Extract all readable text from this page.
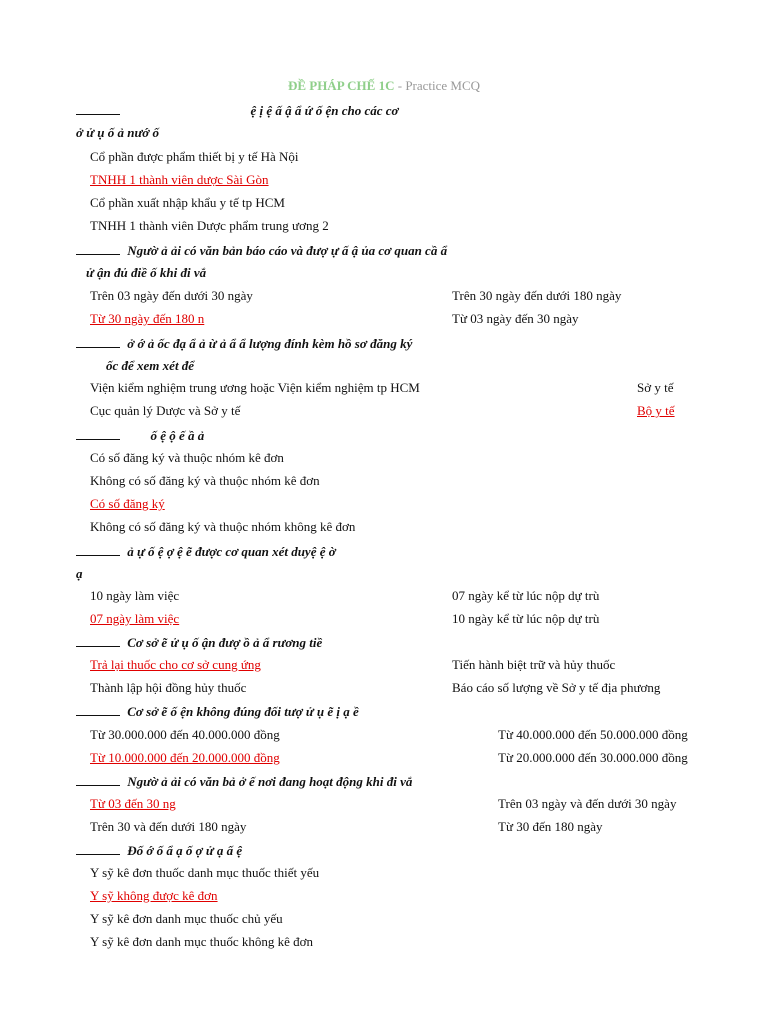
ĐỀ PHÁP CHẾ 1C - Practice MCQ
ệ ị ệ ấ ậ ẩ ứ ố ện cho các cơ
ở ử ụ ố ả nướ ố
Cổ phần được phẩm thiết bị y tế Hà Nội
TNHH 1 thành viên dược Sài Gòn
Cổ phần xuất nhập khẩu y tế tp HCM
TNHH 1 thành viên Dược phẩm trung ương 2
Ngườ ả ải có văn bản báo cáo và đượ ự ấ ậ ủa cơ quan cầ ẩ
ử ận đủ điề ố khi đi vắ
Trên 03 ngày đến dưới 30 ngày	Trên 30 ngày đến dưới 180 ngày
Từ 30 ngày đến 180 n	Từ 03 ngày đến 30 ngày
ở ớ ả ốc đạ ẩ ả ừ ả ẩ ẩ lượng đính kèm hồ sơ đăng ký
ốc để xem xét để
Viện kiểm nghiệm trung ương hoặc Viện kiểm nghiệm tp HCM	Sở y tế
Cục quản lý Dược và Sở y tế	Bộ y tế
ố ệ ộ ế ầ ả
Có số đăng ký và thuộc nhóm kê đơn
Không có số đăng ký và thuộc nhóm kê đơn
Có số đăng ký
Không có số đăng ký và thuộc nhóm không kê đơn
ả ự ố ệ ợ ệ ẽ được cơ quan xét duyệ ệ ờ
ạ
10 ngày làm việc	07 ngày kể từ lúc nộp dự trù
07 ngày làm việc	10 ngày kể từ lúc nộp dự trù
Cơ sở ẽ ử ụ ố ận đượ ồ ả ẩ rương tiề
Trả lại thuốc cho cơ sở cung ứng	Tiến hành biệt trữ và hủy thuốc
Thành lập hội đồng hủy thuốc	Báo cáo số lượng về Sở y tế địa phương
Cơ sở ẽ ố ện không đúng đối tượ ử ụ ẽ ị ạ ề
Từ 30.000.000 đến 40.000.000 đồng	Từ 40.000.000 đến 50.000.000 đồng
Từ 10.000.000 đến 20.000.000 đồng	Từ 20.000.000 đến 30.000.000 đồng
Ngườ ả ải có văn bả ở ế nơi đang hoạt động khi đi vắ
Từ 03 đến 30 ng	Trên 03 ngày và đến dưới 30 ngày
Trên 30 và đến dưới 180 ngày	Từ 30 đến 180 ngày
Đố ớ ố ẩ ạ ố ợ ử ạ ấ ệ
Y sỹ kê đơn thuốc danh mục thuốc thiết yếu
Y sỹ không được kê đơn
Y sỹ kê đơn danh mục thuốc chủ yếu
Y sỹ kê đơn danh mục thuốc không kê đơn
